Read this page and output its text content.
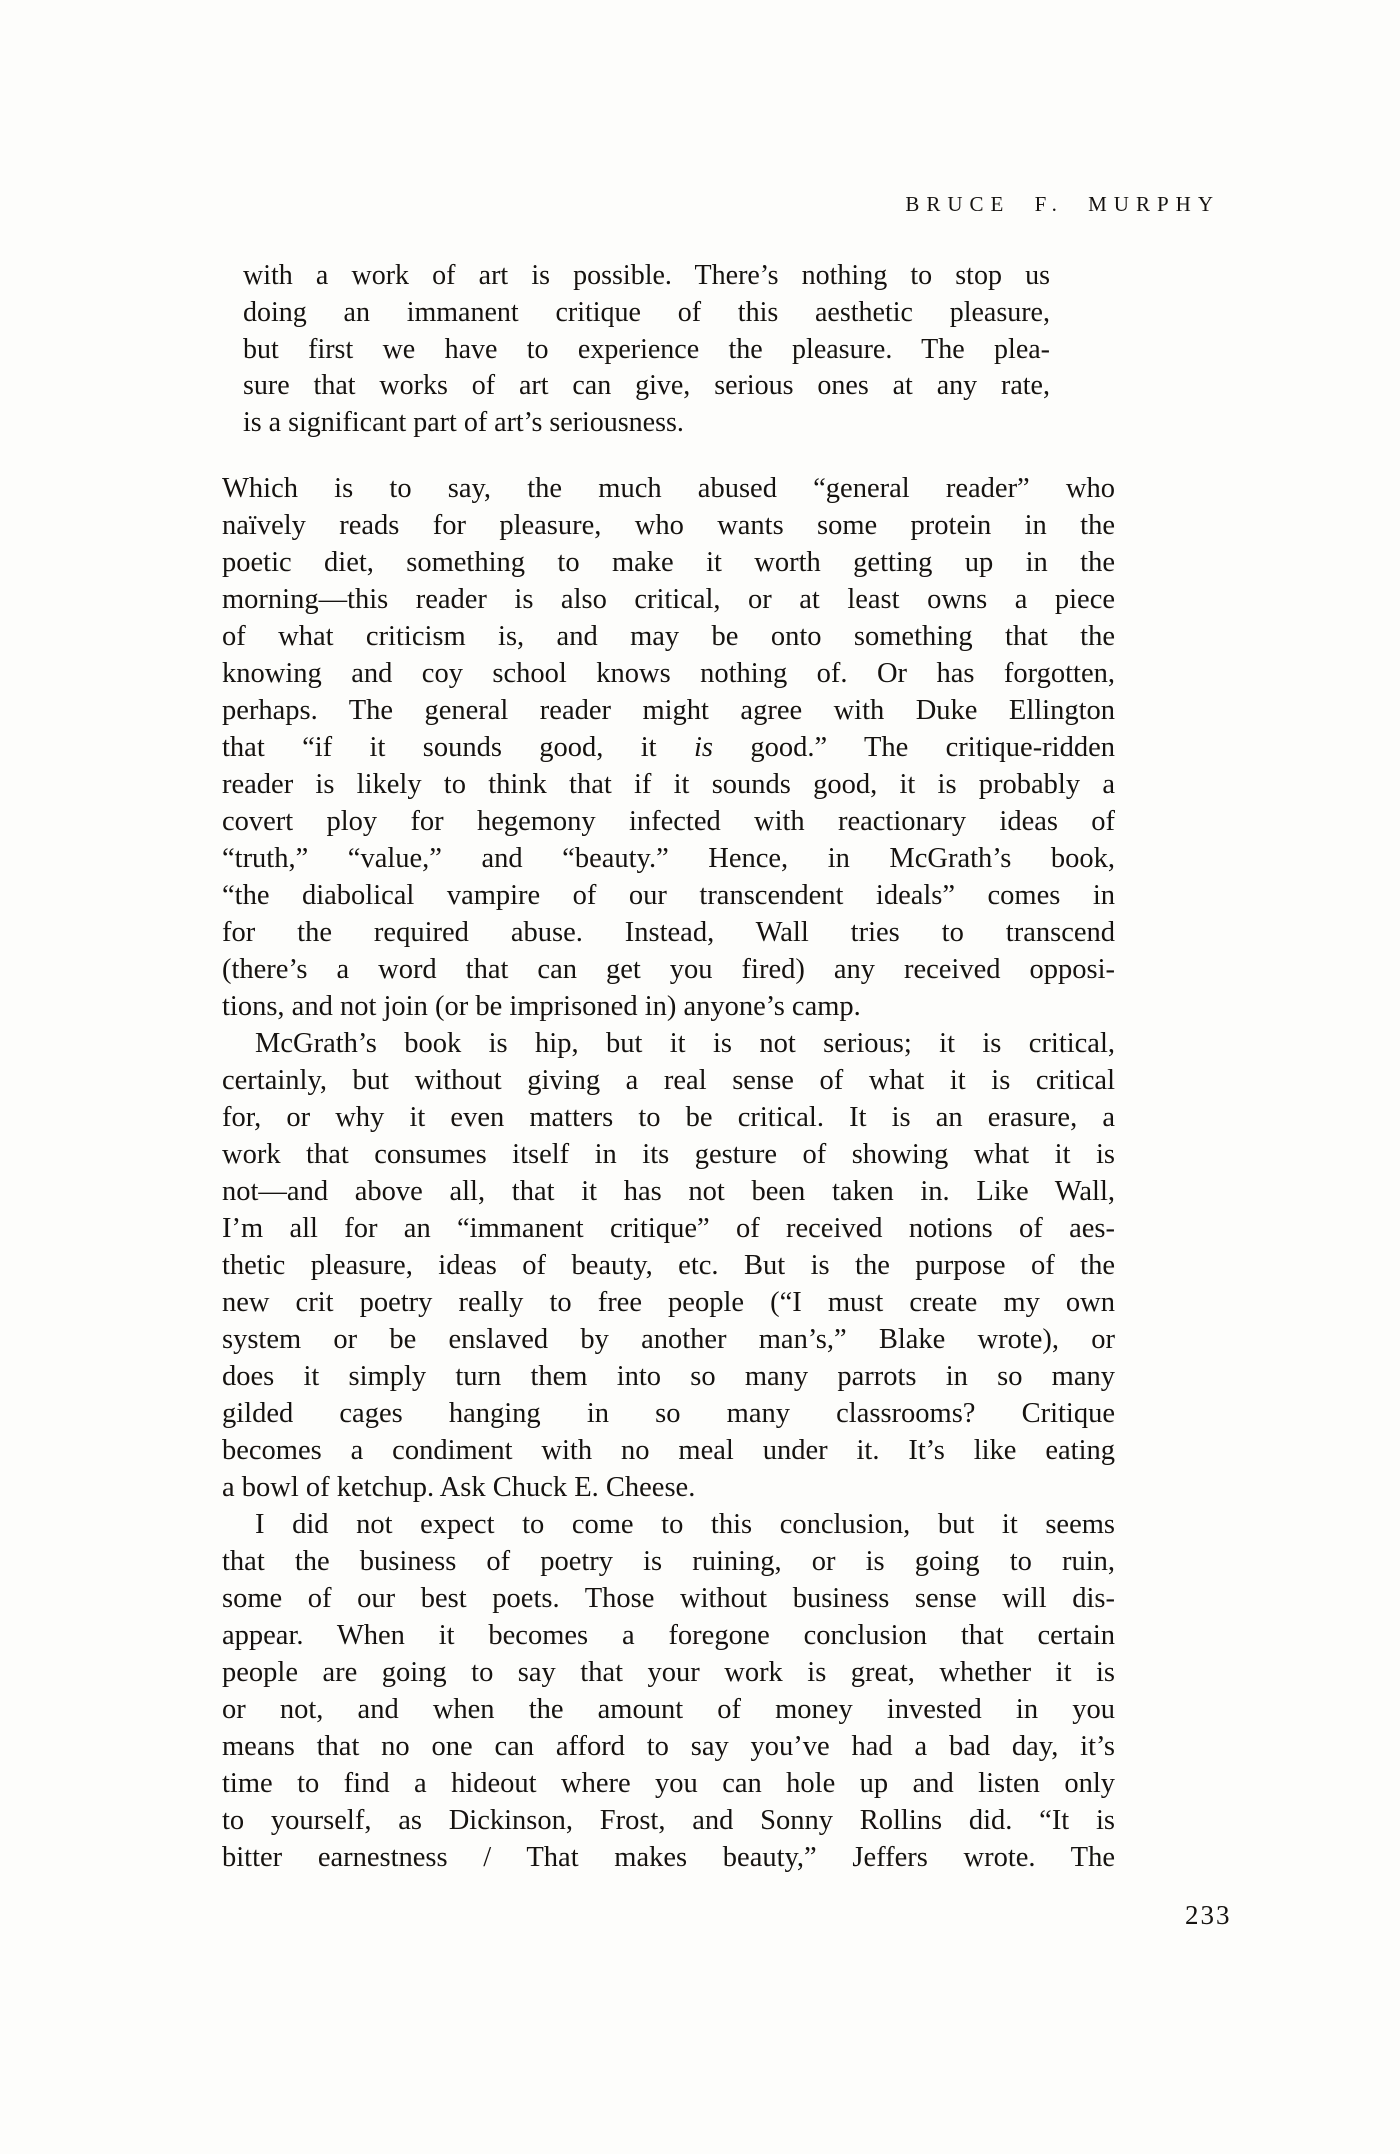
BRUCE F. MURPHY
with a work of art is possible. There’s nothing to stop us
doing an immanent critique of this aesthetic pleasure,
but first we have to experience the pleasure. The plea-
sure that works of art can give, serious ones at any rate,
is a significant part of art’s seriousness.
Which is to say, the much abused “general reader” who
naïvely reads for pleasure, who wants some protein in the
poetic diet, something to make it worth getting up in the
morning—this reader is also critical, or at least owns a piece
of what criticism is, and may be onto something that the
knowing and coy school knows nothing of. Or has forgotten,
perhaps. The general reader might agree with Duke Ellington
that “if it sounds good, it is good.” The critique-ridden
reader is likely to think that if it sounds good, it is probably a
covert ploy for hegemony infected with reactionary ideas of
“truth,” “value,” and “beauty.” Hence, in McGrath’s book,
“the diabolical vampire of our transcendent ideals” comes in
for the required abuse. Instead, Wall tries to transcend
(there’s a word that can get you fired) any received opposi-
tions, and not join (or be imprisoned in) anyone’s camp.
McGrath’s book is hip, but it is not serious; it is critical,
certainly, but without giving a real sense of what it is critical
for, or why it even matters to be critical. It is an erasure, a
work that consumes itself in its gesture of showing what it is
not—and above all, that it has not been taken in. Like Wall,
I’m all for an “immanent critique” of received notions of aes-
thetic pleasure, ideas of beauty, etc. But is the purpose of the
new crit poetry really to free people (“I must create my own
system or be enslaved by another man’s,” Blake wrote), or
does it simply turn them into so many parrots in so many
gilded cages hanging in so many classrooms? Critique
becomes a condiment with no meal under it. It’s like eating
a bowl of ketchup. Ask Chuck E. Cheese.
I did not expect to come to this conclusion, but it seems
that the business of poetry is ruining, or is going to ruin,
some of our best poets. Those without business sense will dis-
appear. When it becomes a foregone conclusion that certain
people are going to say that your work is great, whether it is
or not, and when the amount of money invested in you
means that no one can afford to say you’ve had a bad day, it’s
time to find a hideout where you can hole up and listen only
to yourself, as Dickinson, Frost, and Sonny Rollins did. “It is
bitter earnestness / That makes beauty,” Jeffers wrote. The
233
